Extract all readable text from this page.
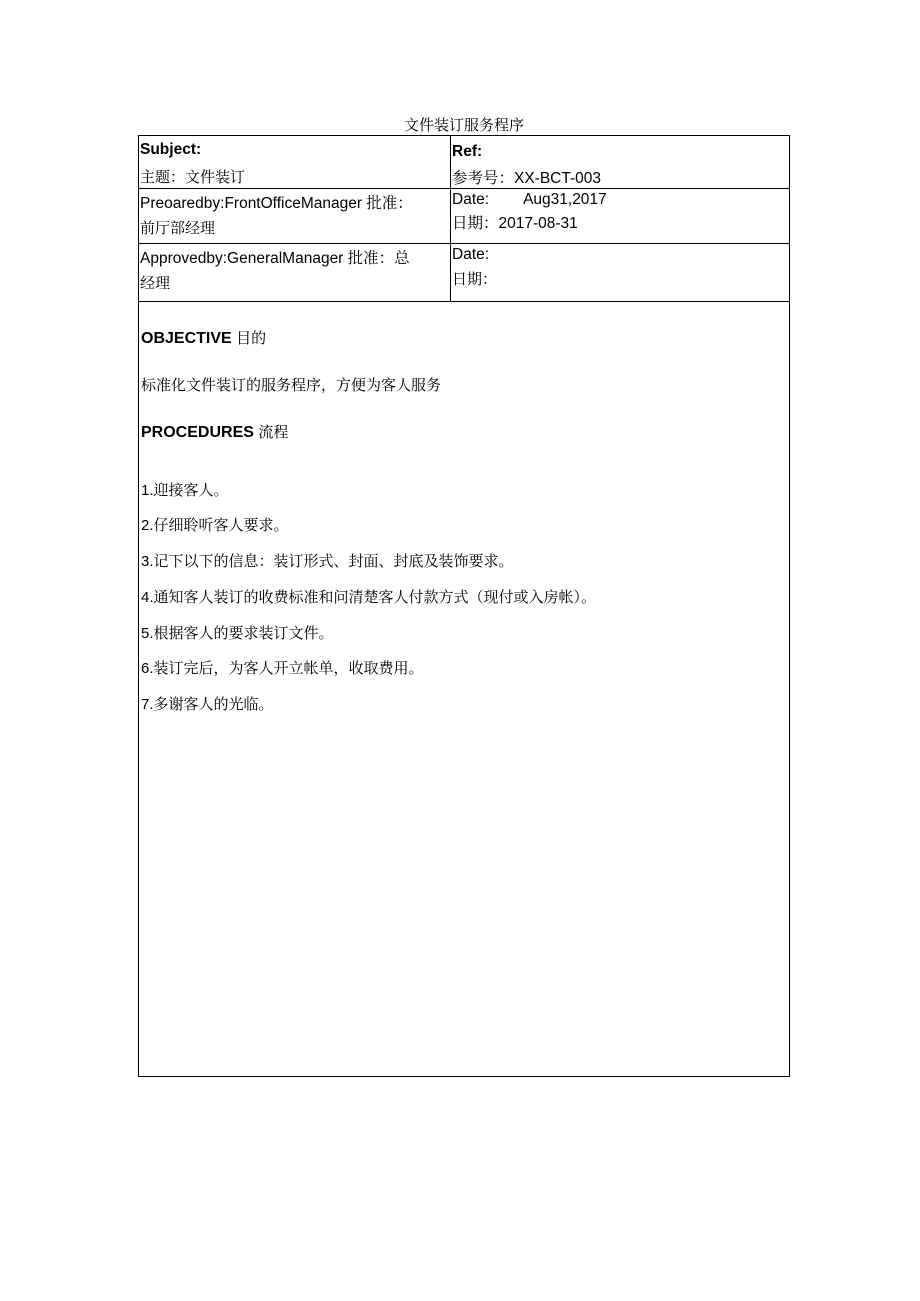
文件装订服务程序
Subject:
主题：文件装订
Ref:
参考号：XX-BCT-003
Preoaredby:FrontOfficeManager 批准：
前厅部经理
Date: Aug31,2017
日期：2017-08-31
Approvedby:GeneralManager 批准：总
经理
Date:
日期：
OBJECTIVE 目的
标准化文件装订的服务程序，方便为客人服务
PROCEDURES 流程
1.迎接客人。
2.仔细聆听客人要求。
3.记下以下的信息：装订形式、封面、封底及装饰要求。
4.通知客人装订的收费标准和问清楚客人付款方式（现付或入房帐）。
5.根据客人的要求装订文件。
6.装订完后，为客人开立帐单，收取费用。
7.多谢客人的光临。
